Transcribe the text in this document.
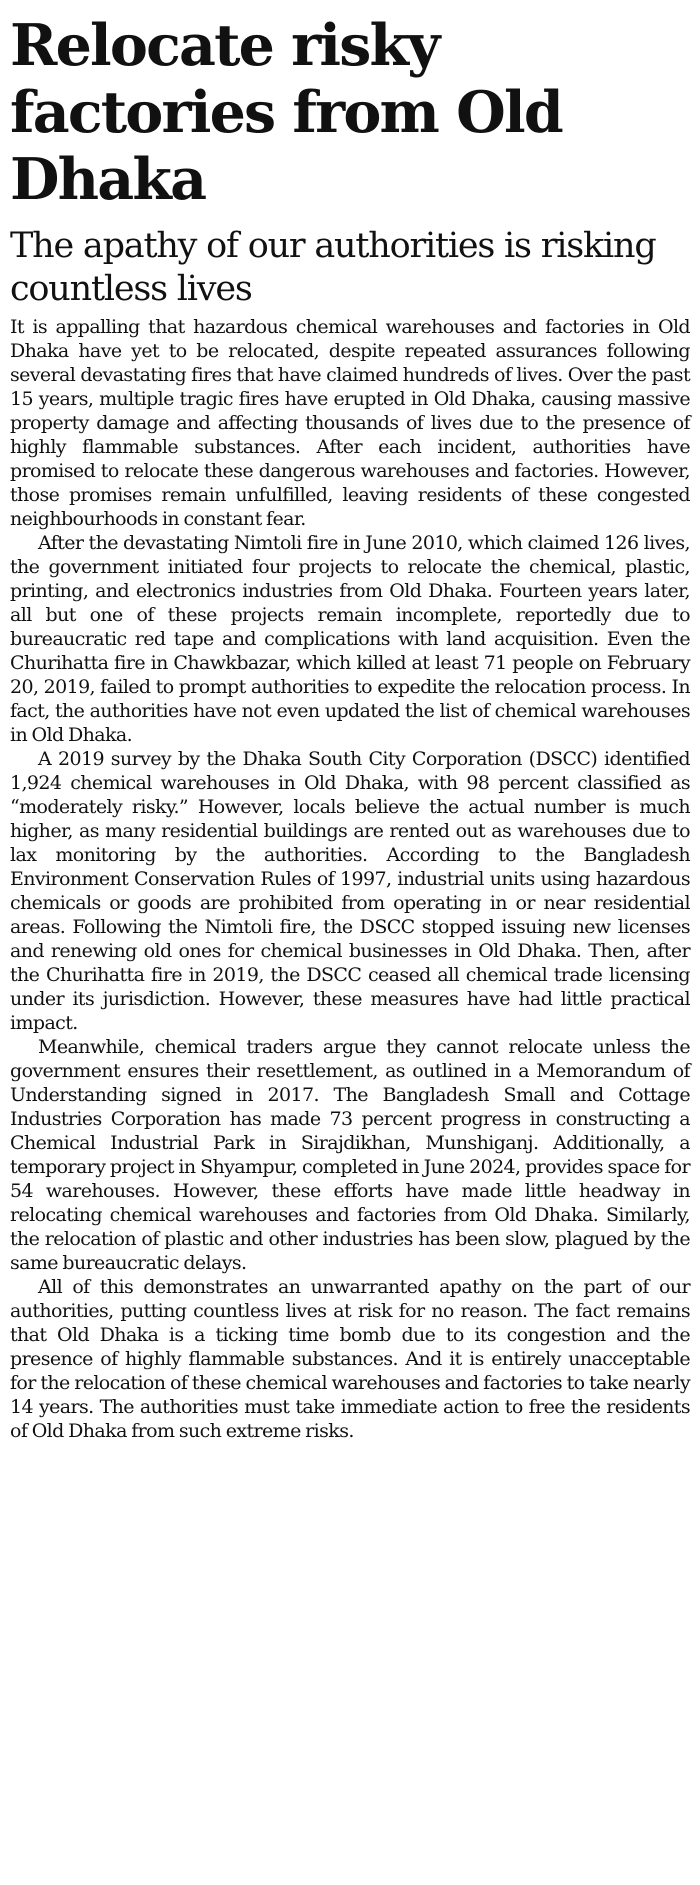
Relocate risky factories from Old Dhaka
The apathy of our authorities is risking countless lives

It is appalling that hazardous chemical warehouses and factories in Old Dhaka have yet to be relocated, despite repeated assurances following several devastating fires that have claimed hundreds of lives. Over the past 15 years, multiple tragic fires have erupted in Old Dhaka, causing massive property damage and affecting thousands of lives due to the presence of highly flammable substances. After each incident, authorities have promised to relocate these dangerous warehouses and factories. However, those promises remain unfulfilled, leaving residents of these congested neighbourhoods in constant fear.

After the devastating Nimtoli fire in June 2010, which claimed 126 lives, the government initiated four projects to relocate the chemical, plastic, printing, and electronics industries from Old Dhaka. Fourteen years later, all but one of these projects remain incomplete, reportedly due to bureaucratic red tape and complications with land acquisition. Even the Churihatta fire in Chawkbazar, which killed at least 71 people on February 20, 2019, failed to prompt authorities to expedite the relocation process. In fact, the authorities have not even updated the list of chemical warehouses in Old Dhaka.

A 2019 survey by the Dhaka South City Corporation (DSCC) identified 1,924 chemical warehouses in Old Dhaka, with 98 percent classified as “moderately risky.” However, locals believe the actual number is much higher, as many residential buildings are rented out as warehouses due to lax monitoring by the authorities. According to the Bangladesh Environment Conservation Rules of 1997, industrial units using hazardous chemicals or goods are prohibited from operating in or near residential areas. Following the Nimtoli fire, the DSCC stopped issuing new licenses and renewing old ones for chemical businesses in Old Dhaka. Then, after the Churihatta fire in 2019, the DSCC ceased all chemical trade licensing under its jurisdiction. However, these measures have had little practical impact.

Meanwhile, chemical traders argue they cannot relocate unless the government ensures their resettlement, as outlined in a Memorandum of Understanding signed in 2017. The Bangladesh Small and Cottage Industries Corporation has made 73 percent progress in constructing a Chemical Industrial Park in Sirajdikhan, Munshiganj. Additionally, a temporary project in Shyampur, completed in June 2024, provides space for 54 warehouses. However, these efforts have made little headway in relocating chemical warehouses and factories from Old Dhaka. Similarly, the relocation of plastic and other industries has been slow, plagued by the same bureaucratic delays.

All of this demonstrates an unwarranted apathy on the part of our authorities, putting countless lives at risk for no reason. The fact remains that Old Dhaka is a ticking time bomb due to its congestion and the presence of highly flammable substances. And it is entirely unacceptable for the relocation of these chemical warehouses and factories to take nearly 14 years. The authorities must take immediate action to free the residents of Old Dhaka from such extreme risks.
